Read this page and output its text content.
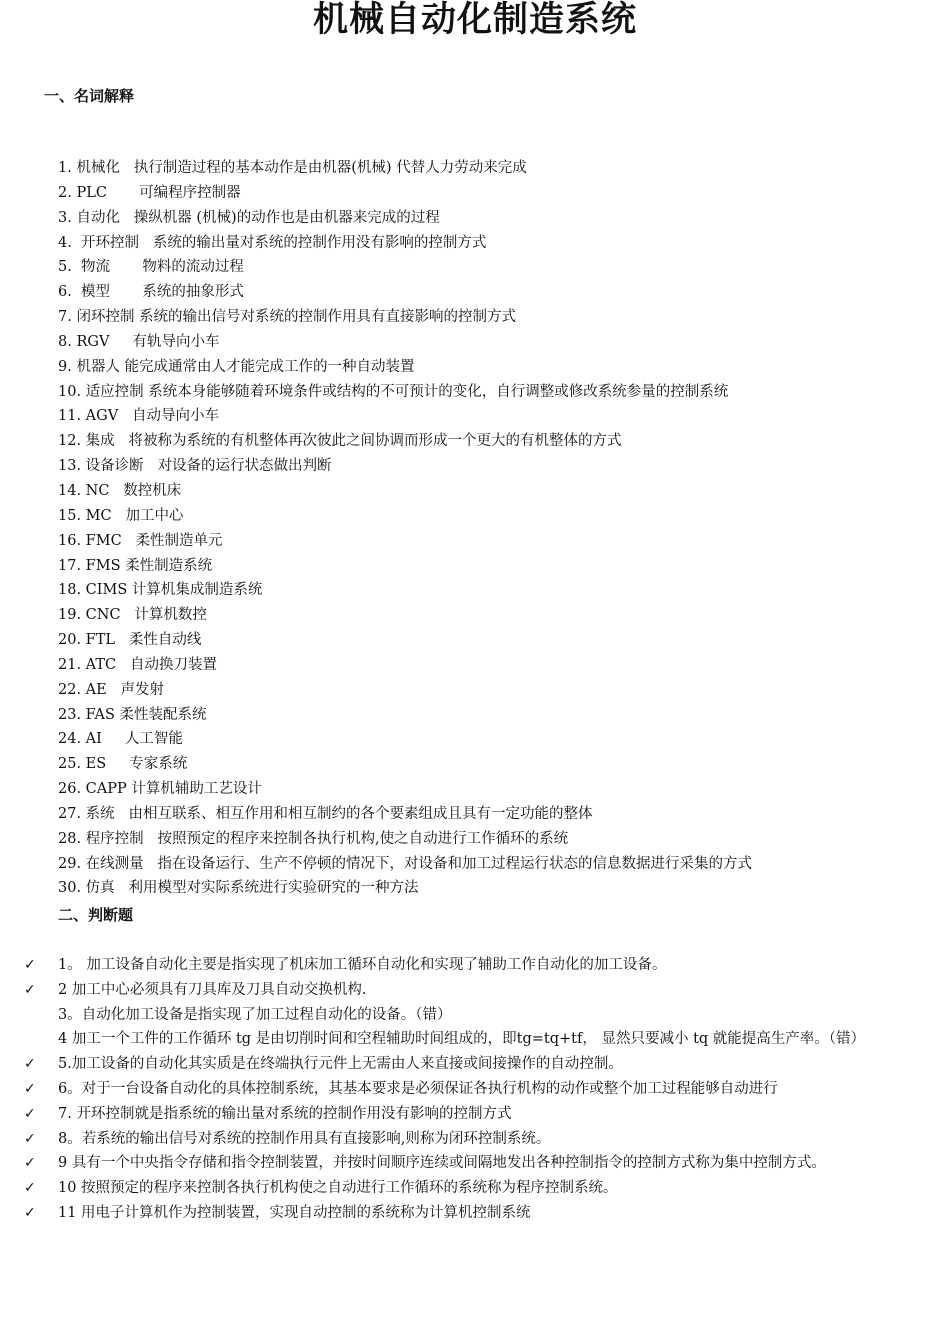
机械自动化制造系统
一、名词解释
1. 机械化   执行制造过程的基本动作是由机器(机械) 代替人力劳动来完成
2. PLC       可编程序控制器
3. 自动化   操纵机器 (机械)的动作也是由机器来完成的过程
4.  开环控制   系统的输出量对系统的控制作用没有影响的控制方式
5.  物流       物料的流动过程
6.  模型       系统的抽象形式
7. 闭环控制 系统的输出信号对系统的控制作用具有直接影响的控制方式
8. RGV     有轨导向小车
9. 机器人 能完成通常由人才能完成工作的一种自动装置
10. 适应控制 系统本身能够随着环境条件或结构的不可预计的变化，自行调整或修改系统参量的控制系统
11. AGV   自动导向小车
12. 集成   将被称为系统的有机整体再次彼此之间协调而形成一个更大的有机整体的方式
13. 设备诊断   对设备的运行状态做出判断
14. NC   数控机床
15. MC   加工中心
16. FMC   柔性制造单元
17. FMS 柔性制造系统
18. CIMS 计算机集成制造系统
19. CNC   计算机数控
20. FTL   柔性自动线
21. ATC   自动换刀装置
22. AE   声发射
23. FAS 柔性装配系统
24. AI     人工智能
25. ES     专家系统
26. CAPP 计算机辅助工艺设计
27. 系统   由相互联系、相互作用和相互制约的各个要素组成且具有一定功能的整体
28. 程序控制   按照预定的程序来控制各执行机构,使之自动进行工作循环的系统
29. 在线测量   指在设备运行、生产不停顿的情况下，对设备和加工过程运行状态的信息数据进行采集的方式
30. 仿真   利用模型对实际系统进行实验研究的一种方法
二、判断题
✓ 1。 加工设备自动化主要是指实现了机床加工循环自动化和实现了辅助工作自动化的加工设备。
✓ 2 加工中心必须具有刀具库及刀具自动交换机构.
3。自动化加工设备是指实现了加工过程自动化的设备。（错）
4 加工一个工件的工作循环 tg 是由切削时间和空程辅助时间组成的，即tg=tq+tf， 显然只要减小 tq 就能提高生产率。（错）
✓ 5.加工设备的自动化其实质是在终端执行元件上无需由人来直接或间接操作的自动控制。
✓ 6。对于一台设备自动化的具体控制系统，其基本要求是必须保证各执行机构的动作或整个加工过程能够自动进行
✓ 7. 开环控制就是指系统的输出量对系统的控制作用没有影响的控制方式
✓ 8。若系统的输出信号对系统的控制作用具有直接影响,则称为闭环控制系统。
✓ 9 具有一个中央指令存储和指令控制装置，并按时间顺序连续或间隔地发出各种控制指令的控制方式称为集中控制方式。
✓ 10 按照预定的程序来控制各执行机构使之自动进行工作循环的系统称为程序控制系统。
✓ 11 用电子计算机作为控制装置，实现自动控制的系统称为计算机控制系统
